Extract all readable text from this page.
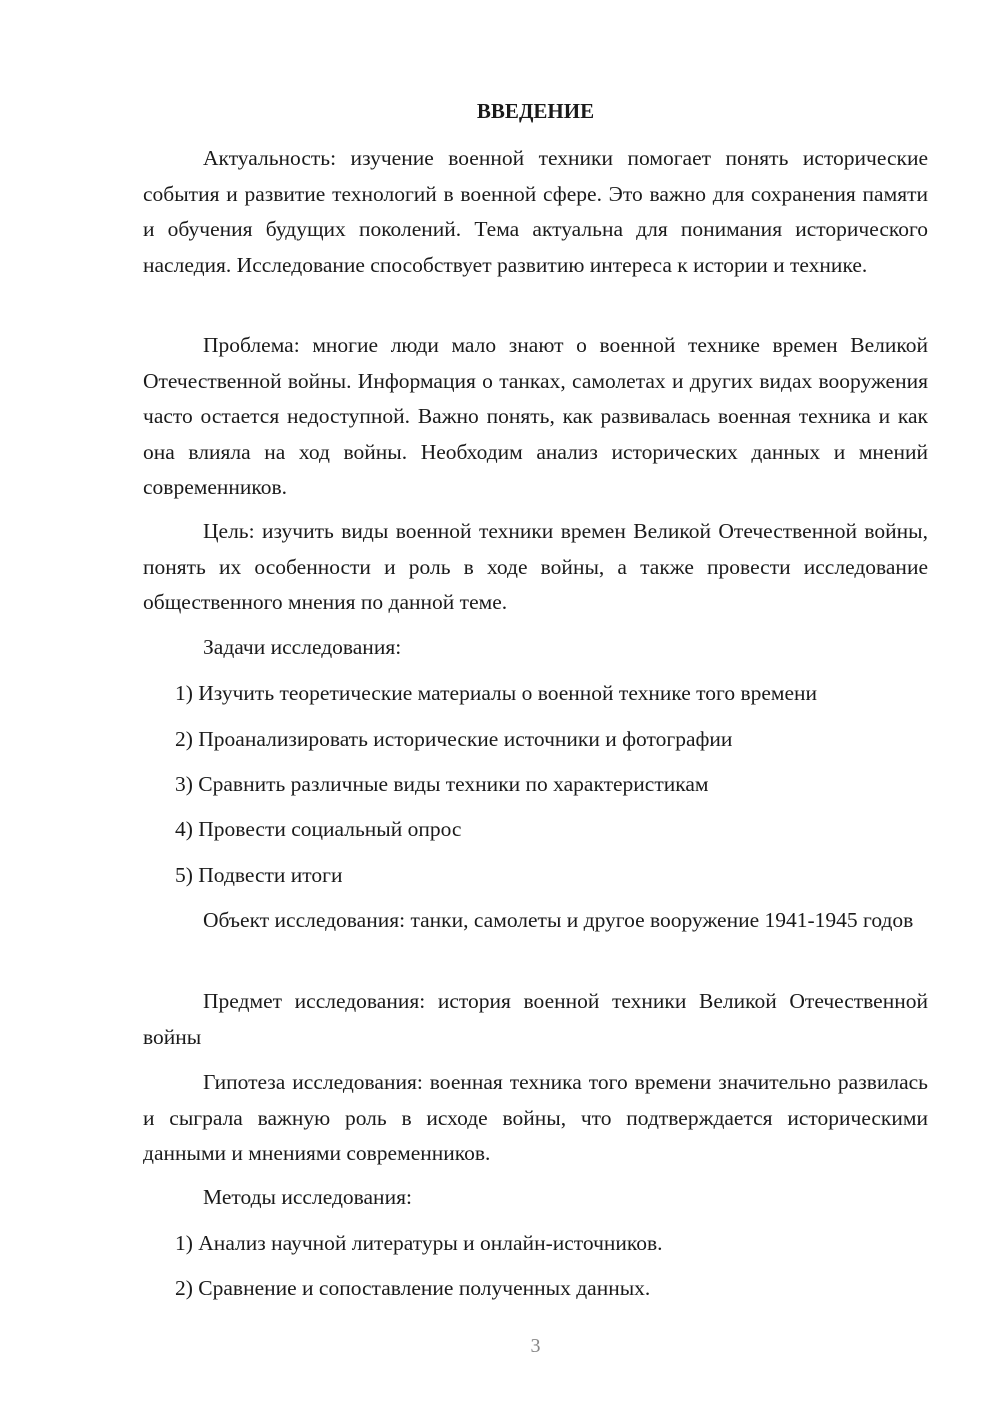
ВВЕДЕНИЕ

Актуальность: изучение военной техники помогает понять исторические события и развитие технологий в военной сфере. Это важно для сохранения памяти и обучения будущих поколений. Тема актуальна для понимания исторического наследия. Исследование способствует развитию интереса к истории и технике.

Проблема: многие люди мало знают о военной технике времен Великой Отечественной войны. Информация о танках, самолетах и других видах вооружения часто остается недоступной. Важно понять, как развивалась военная техника и как она влияла на ход войны. Необходим анализ исторических данных и мнений современников.

Цель: изучить виды военной техники времен Великой Отечественной войны, понять их особенности и роль в ходе войны, а также провести исследование общественного мнения по данной теме.

Задачи исследования:

1) Изучить теоретические материалы о военной технике того времени

2) Проанализировать исторические источники и фотографии

3) Сравнить различные виды техники по характеристикам

4) Провести социальный опрос

5) Подвести итоги

Объект исследования: танки, самолеты и другое вооружение 1941-1945 годов

Предмет исследования: история военной техники Великой Отечественной войны

Гипотеза исследования: военная техника того времени значительно развилась и сыграла важную роль в исходе войны, что подтверждается историческими данными и мнениями современников.

Методы исследования:

1) Анализ научной литературы и онлайн-источников.

2) Сравнение и сопоставление полученных данных.

3
